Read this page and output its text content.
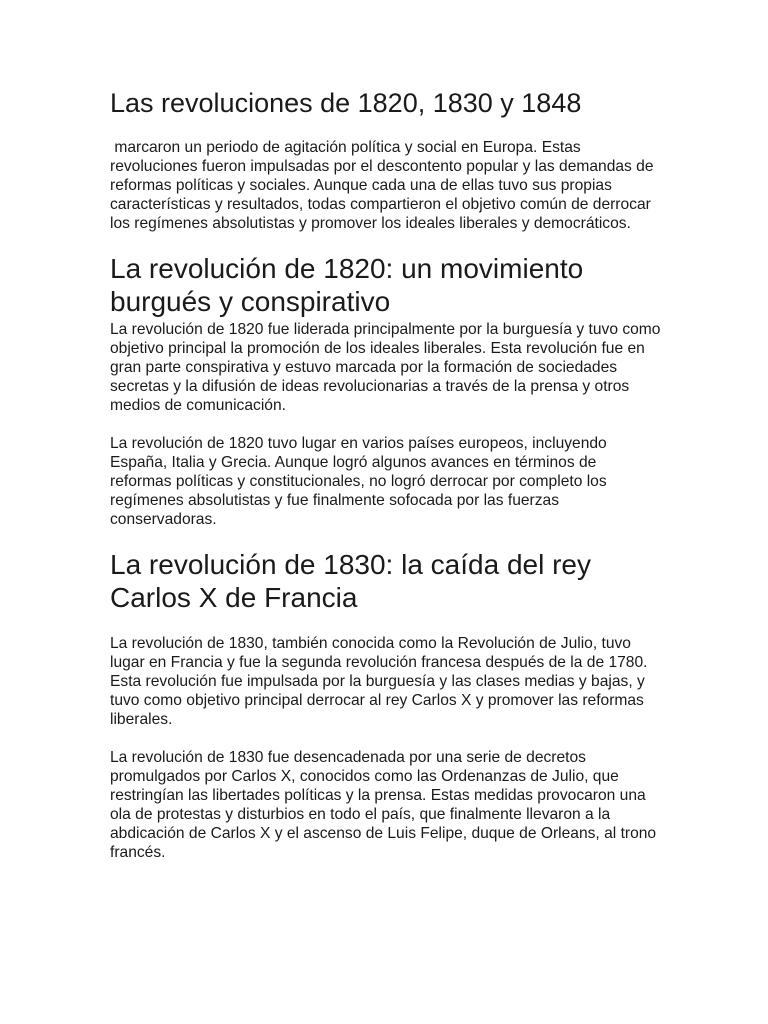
Las revoluciones de 1820, 1830 y 1848

marcaron un periodo de agitación política y social en Europa. Estas revoluciones fueron impulsadas por el descontento popular y las demandas de reformas políticas y sociales. Aunque cada una de ellas tuvo sus propias características y resultados, todas compartieron el objetivo común de derrocar los regímenes absolutistas y promover los ideales liberales y democráticos.

La revolución de 1820: un movimiento burgués y conspirativo

La revolución de 1820 fue liderada principalmente por la burguesía y tuvo como objetivo principal la promoción de los ideales liberales. Esta revolución fue en gran parte conspirativa y estuvo marcada por la formación de sociedades secretas y la difusión de ideas revolucionarias a través de la prensa y otros medios de comunicación.

La revolución de 1820 tuvo lugar en varios países europeos, incluyendo España, Italia y Grecia. Aunque logró algunos avances en términos de reformas políticas y constitucionales, no logró derrocar por completo los regímenes absolutistas y fue finalmente sofocada por las fuerzas conservadoras.

La revolución de 1830: la caída del rey Carlos X de Francia

La revolución de 1830, también conocida como la Revolución de Julio, tuvo lugar en Francia y fue la segunda revolución francesa después de la de 1780. Esta revolución fue impulsada por la burguesía y las clases medias y bajas, y tuvo como objetivo principal derrocar al rey Carlos X y promover las reformas liberales.

La revolución de 1830 fue desencadenada por una serie de decretos promulgados por Carlos X, conocidos como las Ordenanzas de Julio, que restringían las libertades políticas y la prensa. Estas medidas provocaron una ola de protestas y disturbios en todo el país, que finalmente llevaron a la abdicación de Carlos X y el ascenso de Luis Felipe, duque de Orleans, al trono francés.
